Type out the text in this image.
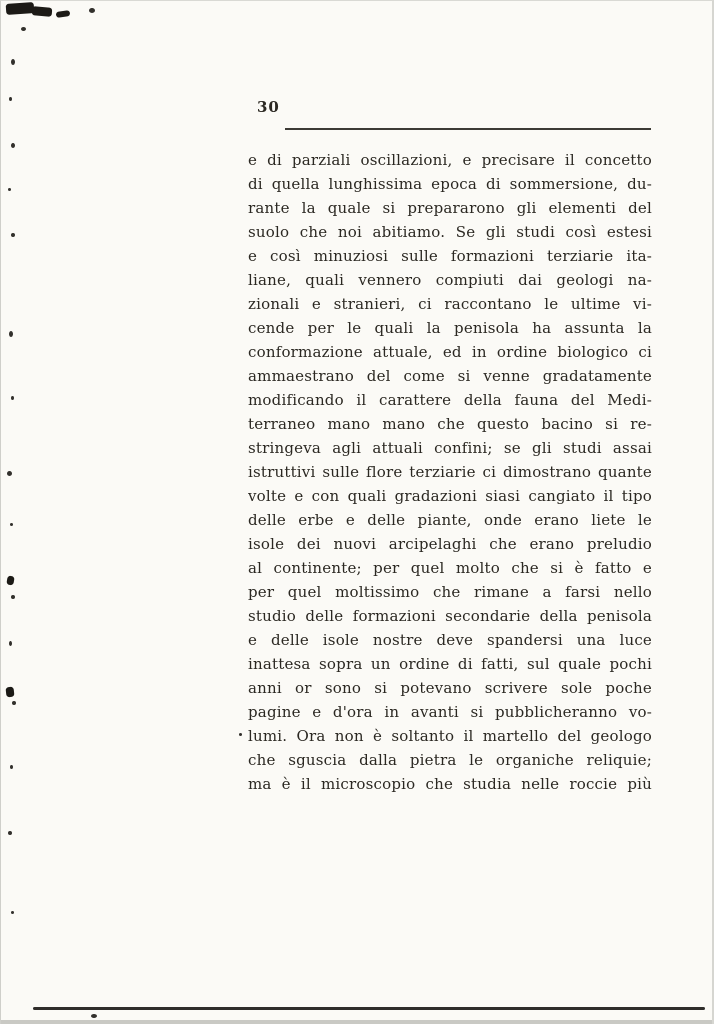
30
e di parziali oscillazioni, e precisare il concetto
di quella lunghissima epoca di sommersione, du-
rante la quale si prepararono gli elementi del
suolo che noi abitiamo. Se gli studi così estesi
e così minuziosi sulle formazioni terziarie ita-
liane, quali vennero compiuti dai geologi na-
zionali e stranieri, ci raccontano le ultime vi-
cende per le quali la penisola ha assunta la
conformazione attuale, ed in ordine biologico ci
ammaestrano del come si venne gradatamente
modificando il carattere della fauna del Medi-
terraneo mano mano che questo bacino si re-
stringeva agli attuali confini; se gli studi assai
istruttivi sulle flore terziarie ci dimostrano quante
volte e con quali gradazioni siasi cangiato il tipo
delle erbe e delle piante, onde erano liete le
isole dei nuovi arcipelaghi che erano preludio
al continente; per quel molto che si è fatto e
per quel moltissimo che rimane a farsi nello
studio delle formazioni secondarie della penisola
e delle isole nostre deve spandersi una luce
inattesa sopra un ordine di fatti, sul quale pochi
anni or sono si potevano scrivere sole poche
pagine e d'ora in avanti si pubblicheranno vo-
lumi. Ora non è soltanto il martello del geologo
che sguscia dalla pietra le organiche reliquie;
ma è il microscopio che studia nelle roccie più
